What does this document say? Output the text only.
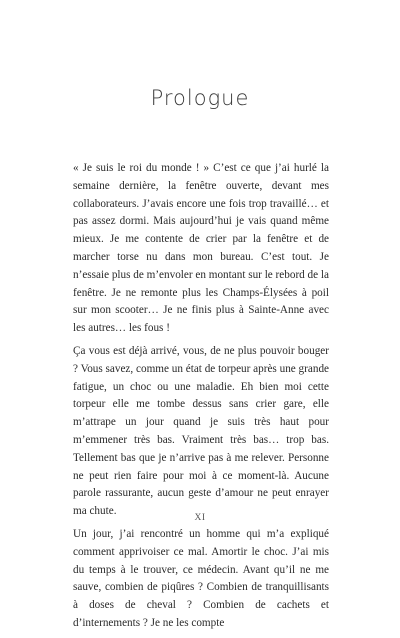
Prologue

« Je suis le roi du monde ! » C’est ce que j’ai hurlé la semaine dernière, la fenêtre ouverte, devant mes collaborateurs. J’avais encore une fois trop travaillé… et pas assez dormi. Mais aujourd’hui je vais quand même mieux. Je me contente de crier par la fenêtre et de marcher torse nu dans mon bureau. C’est tout. Je n’essaie plus de m’envoler en montant sur le rebord de la fenêtre. Je ne remonte plus les Champs-Élysées à poil sur mon scooter… Je ne finis plus à Sainte-Anne avec les autres… les fous !

Ça vous est déjà arrivé, vous, de ne plus pouvoir bouger ? Vous savez, comme un état de torpeur après une grande fatigue, un choc ou une maladie. Eh bien moi cette torpeur elle me tombe dessus sans crier gare, elle m’attrape un jour quand je suis très haut pour m’emmener très bas. Vraiment très bas… trop bas. Tellement bas que je n’arrive pas à me relever. Personne ne peut rien faire pour moi à ce moment-là. Aucune parole rassurante, aucun geste d’amour ne peut enrayer ma chute.

Un jour, j’ai rencontré un homme qui m’a expliqué comment apprivoiser ce mal. Amortir le choc. J’ai mis du temps à le trouver, ce médecin. Avant qu’il ne me sauve, combien de piqûres ? Combien de tranquillisants à doses de cheval ? Combien de cachets et d’internements ? Je ne les compte

XI
